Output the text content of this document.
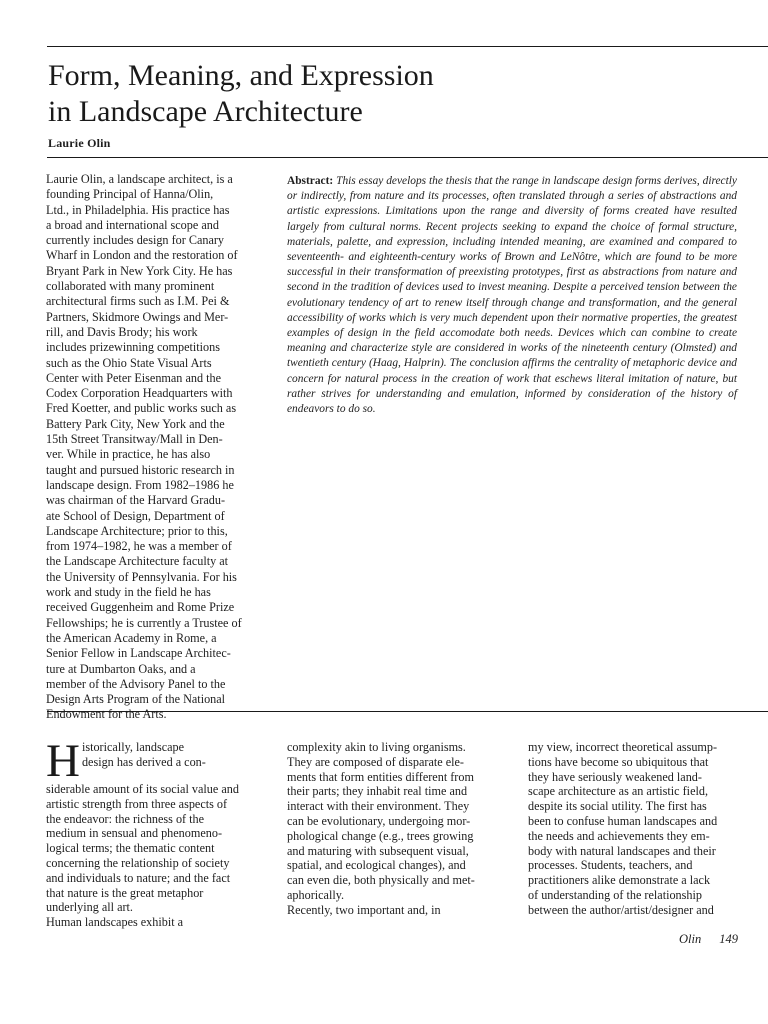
Form, Meaning, and Expression
in Landscape Architecture
Laurie Olin
Laurie Olin, a landscape architect, is a
founding Principal of Hanna/Olin,
Ltd., in Philadelphia. His practice has
a broad and international scope and
currently includes design for Canary
Wharf in London and the restoration of
Bryant Park in New York City. He has
collaborated with many prominent
architectural firms such as I.M. Pei &
Partners, Skidmore Owings and Mer-
rill, and Davis Brody; his work
includes prizewinning competitions
such as the Ohio State Visual Arts
Center with Peter Eisenman and the
Codex Corporation Headquarters with
Fred Koetter, and public works such as
Battery Park City, New York and the
15th Street Transitway/Mall in Den-
ver. While in practice, he has also
taught and pursued historic research in
landscape design. From 1982–1986 he
was chairman of the Harvard Gradu-
ate School of Design, Department of
Landscape Architecture; prior to this,
from 1974–1982, he was a member of
the Landscape Architecture faculty at
the University of Pennsylvania. For his
work and study in the field he has
received Guggenheim and Rome Prize
Fellowships; he is currently a Trustee of
the American Academy in Rome, a
Senior Fellow in Landscape Architec-
ture at Dumbarton Oaks, and a
member of the Advisory Panel to the
Design Arts Program of the National
Endowment for the Arts.
Abstract: This essay develops the thesis that the range in landscape design forms derives, directly or indirectly, from nature and its processes, often translated through a series of abstractions and artistic expressions. Limitations upon the range and diversity of forms created have resulted largely from cultural norms. Recent projects seeking to expand the choice of formal structure, materials, palette, and expression, including intended meaning, are examined and compared to seventeenth- and eighteenth-century works of Brown and LeNôtre, which are found to be more successful in their transformation of preexisting prototypes, first as abstractions from nature and second in the tradition of devices used to invest meaning. Despite a perceived tension between the evolutionary tendency of art to renew itself through change and transformation, and the general accessibility of works which is very much dependent upon their normative properties, the greatest examples of design in the field accomodate both needs. Devices which can combine to create meaning and characterize style are considered in works of the nineteenth century (Olmsted) and twentieth century (Haag, Halprin). The conclusion affirms the centrality of metaphoric device and concern for natural process in the creation of work that eschews literal imitation of nature, but rather strives for understanding and emulation, informed by consideration of the history of endeavors to do so.
H istorically, landscape
design has derived a con-
siderable amount of its social value and
artistic strength from three aspects of
the endeavor: the richness of the
medium in sensual and phenomeno-
logical terms; the thematic content
concerning the relationship of society
and individuals to nature; and the fact
that nature is the great metaphor
underlying all art.
Human landscapes exhibit a
complexity akin to living organisms.
They are composed of disparate ele-
ments that form entities different from
their parts; they inhabit real time and
interact with their environment. They
can be evolutionary, undergoing mor-
phological change (e.g., trees growing
and maturing with subsequent visual,
spatial, and ecological changes), and
can even die, both physically and met-
aphorically.
Recently, two important and, in
my view, incorrect theoretical assump-
tions have become so ubiquitous that
they have seriously weakened land-
scape architecture as an artistic field,
despite its social utility. The first has
been to confuse human landscapes and
the needs and achievements they em-
body with natural landscapes and their
processes. Students, teachers, and
practitioners alike demonstrate a lack
of understanding of the relationship
between the author/artist/designer and
Olin 149
